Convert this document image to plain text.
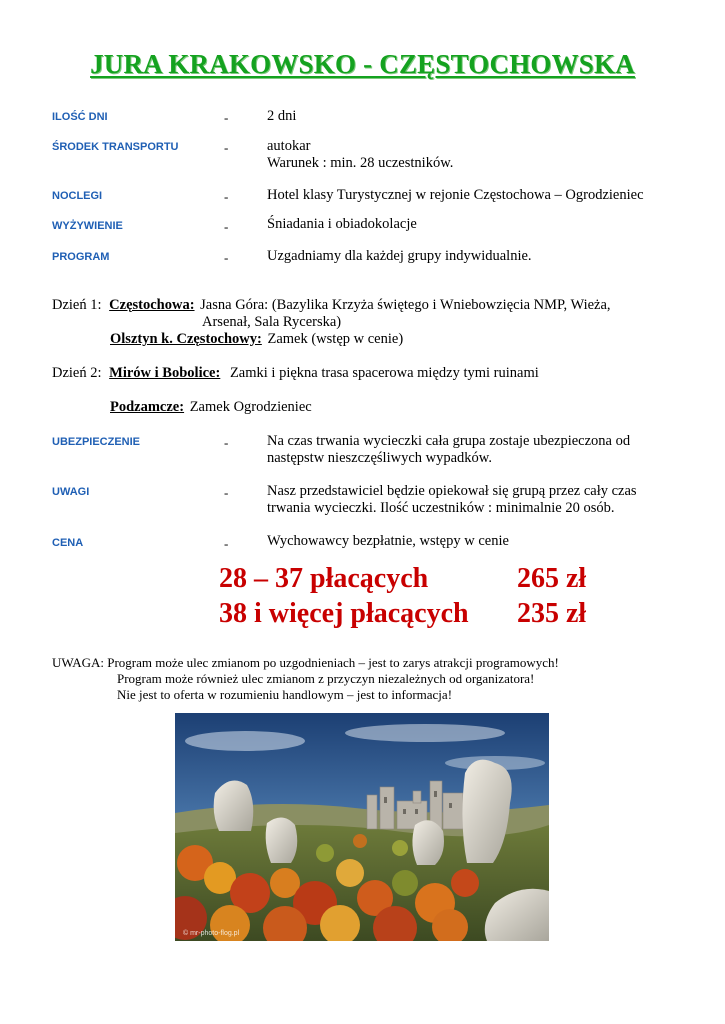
JURA KRAKOWSKO - CZĘSTOCHOWSKA
ILOŚĆ DNI	-	2 dni
ŚRODEK TRANSPORTU	-	autokar
Warunek : min. 28 uczestników.
NOCLEGI	-	Hotel klasy Turystycznej w rejonie Częstochowa – Ogrodzieniec
WYŻYWIENIE	-	Śniadania i obiadokolacje
PROGRAM	-	Uzgadniamy dla każdej grupy indywidualnie.
Dzień 1: Częstochowa: Jasna Góra: (Bazylika Krzyża świętego i Wniebowzięcia NMP, Wieża,
Arsenał, Sala Rycerska)
Olsztyn k. Częstochowy: Zamek (wstęp w cenie)
Dzień 2: Mirów i Bobolice: Zamki i piękna trasa spacerowa między tymi ruinami
Podzamcze: Zamek Ogrodzieniec
UBEZPIECZENIE	-	Na czas trwania wycieczki cała grupa zostaje ubezpieczona od
następstw nieszczęśliwych wypadków.
UWAGI	-	Nasz przedstawiciel będzie opiekował się grupą przez cały czas
trwania wycieczki. Ilość uczestników : minimalnie 20 osób.
CENA	-	Wychowawcy bezpłatnie, wstępy w cenie
28 – 37 płacących	265 zł
38 i więcej płacących 235 zł
UWAGA: Program może ulec zmianom po uzgodnieniach – jest to zarys atrakcji programowych!
Program może również ulec zmianom z przyczyn niezależnych od organizatora!
Nie jest to oferta w rozumieniu handlowym – jest to informacja!
© mr-photo-flog.pl
